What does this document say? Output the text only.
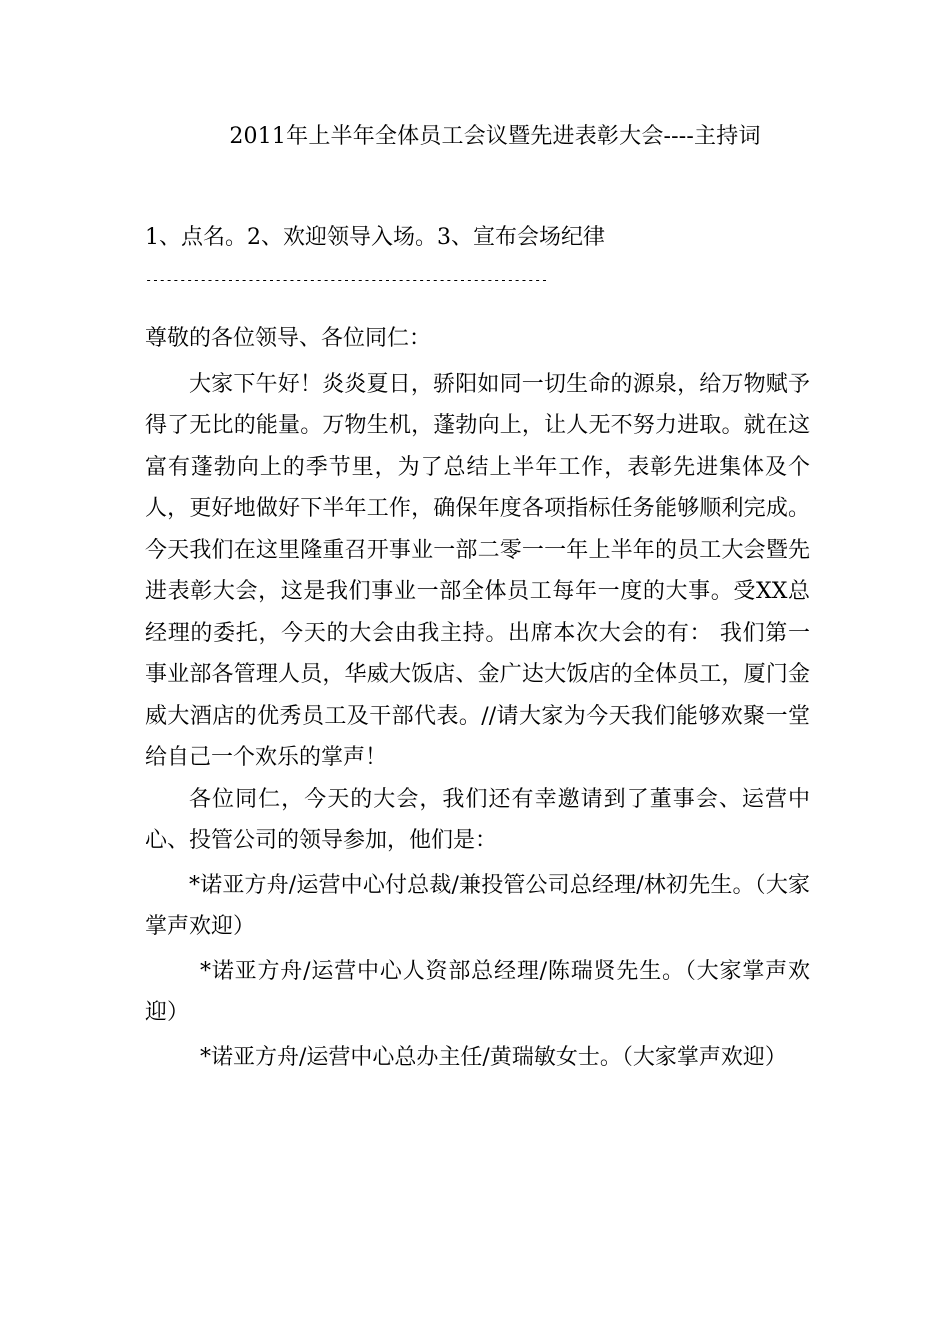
2011年上半年全体员工会议暨先进表彰大会----主持词
1、点名。2、欢迎领导入场。3、宣布会场纪律
-----------------------------------------------------------

尊敬的各位领导、各位同仁：

大家下午好！炎炎夏日，骄阳如同一切生命的源泉，给万物赋予得了无比的能量。万物生机，蓬勃向上，让人无不努力进取。就在这富有蓬勃向上的季节里，为了总结上半年工作，表彰先进集体及个人，更好地做好下半年工作，确保年度各项指标任务能够顺利完成。今天我们在这里隆重召开事业一部二零一一年上半年的员工大会暨先进表彰大会，这是我们事业一部全体员工每年一度的大事。受XX总经理的委托，今天的大会由我主持。出席本次大会的有： 我们第一事业部各管理人员，华威大饭店、金广达大饭店的全体员工，厦门金威大酒店的优秀员工及干部代表。//请大家为今天我们能够欢聚一堂给自己一个欢乐的掌声！

各位同仁，今天的大会，我们还有幸邀请到了董事会、运营中心、投管公司的领导参加，他们是：

*诺亚方舟/运营中心付总裁/兼投管公司总经理/林初先生。（大家掌声欢迎）

*诺亚方舟/运营中心人资部总经理/陈瑞贤先生。（大家掌声欢迎）

*诺亚方舟/运营中心总办主任/黄瑞敏女士。（大家掌声欢迎）
